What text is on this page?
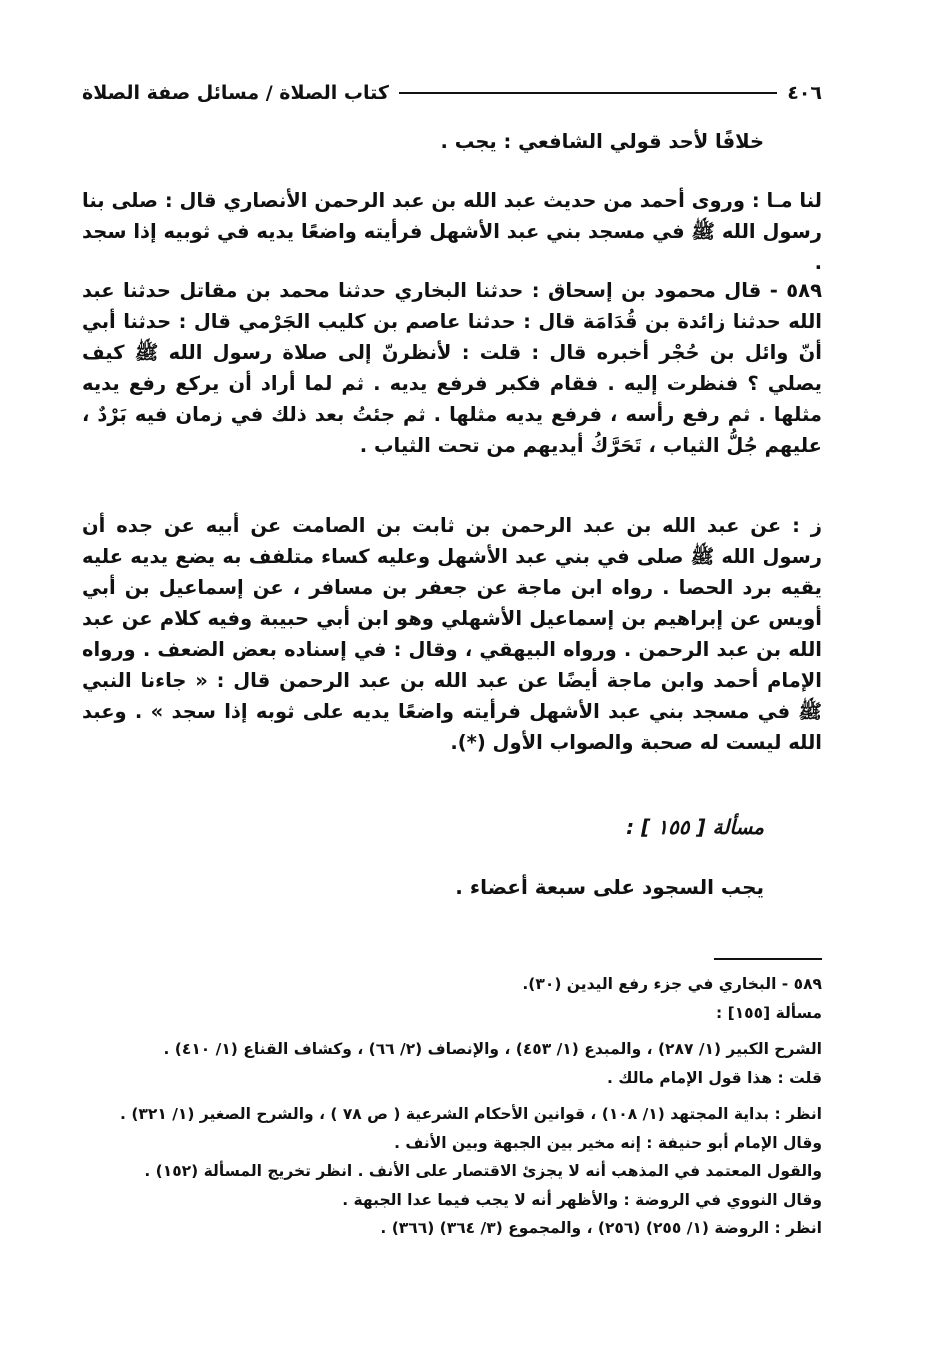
٤٠٦
كتاب الصلاة / مسائل صفة الصلاة
خلافًا لأحد قولي الشافعي : يجب .
لنا مـا : وروى أحمد من حديث عبد الله بن عبد الرحمن الأنصاري قال : صلى بنا رسول الله ﷺ في مسجد بني عبد الأشهل فرأيته واضعًا يديه في ثوبيه إذا سجد .
٥٨٩ - قال محمود بن إسحاق : حدثنا البخاري حدثنا محمد بن مقاتل حدثنا عبد الله حدثنا زائدة بن قُدَامَة قال : حدثنا عاصم بن كليب الجَرْمي قال : حدثنا أبي أنّ وائل بن حُجْر أخبره قال : قلت : لأنظرنّ إلى صلاة رسول الله ﷺ كيف يصلي ؟ فنظرت إليه . فقام فكبر فرفع يديه . ثم لما أراد أن يركع رفع يديه مثلها . ثم رفع رأسه ، فرفع يديه مثلها . ثم جئتُ بعد ذلك في زمان فيه بَرْدٌ ، عليهم جُلُّ الثياب ، تَحَرَّكُ أيديهم من تحت الثياب .
ز : عن عبد الله بن عبد الرحمن بن ثابت بن الصامت عن أبيه عن جده أن رسول الله ﷺ صلى في بني عبد الأشهل وعليه كساء متلفف به يضع يديه عليه يقيه برد الحصا . رواه ابن ماجة عن جعفر بن مسافر ، عن إسماعيل بن أبي أويس عن إبراهيم بن إسماعيل الأشهلي وهو ابن أبي حبيبة وفيه كلام عن عبد الله بن عبد الرحمن . ورواه البيهقي ، وقال : في إسناده بعض الضعف . ورواه الإمام أحمد وابن ماجة أيضًا عن عبد الله بن عبد الرحمن قال : « جاءنا النبي ﷺ في مسجد بني عبد الأشهل فرأيته واضعًا يديه على ثوبه إذا سجد » . وعبد الله ليست له صحبة والصواب الأول (*).
مسألة [ ١٥٥ ] :
يجب السجود على سبعة أعضاء .
٥٨٩ - البخاري في جزء رفع اليدين (٣٠).
مسألة [١٥٥] :
الشرح الكبير (١/ ٢٨٧) ، والمبدع (١/ ٤٥٣) ، والإنصاف (٢/ ٦٦) ، وكشاف القناع (١/ ٤١٠) .
قلت : هذا قول الإمام مالك .
انظر : بداية المجتهد (١/ ١٠٨) ، قوانين الأحكام الشرعية ( ص ٧٨ ) ، والشرح الصغير (١/ ٣٢١) .
وقال الإمام أبو حنيفة : إنه مخير بين الجبهة وبين الأنف .
والقول المعتمد في المذهب أنه لا يجزئ الاقتصار على الأنف . انظر تخريج المسألة (١٥٢) .
وقال النووي في الروضة : والأظهر أنه لا يجب فيما عدا الجبهة .
انظر : الروضة (١/ ٢٥٥) (٢٥٦) ، والمجموع (٣/ ٣٦٤) (٣٦٦) .
